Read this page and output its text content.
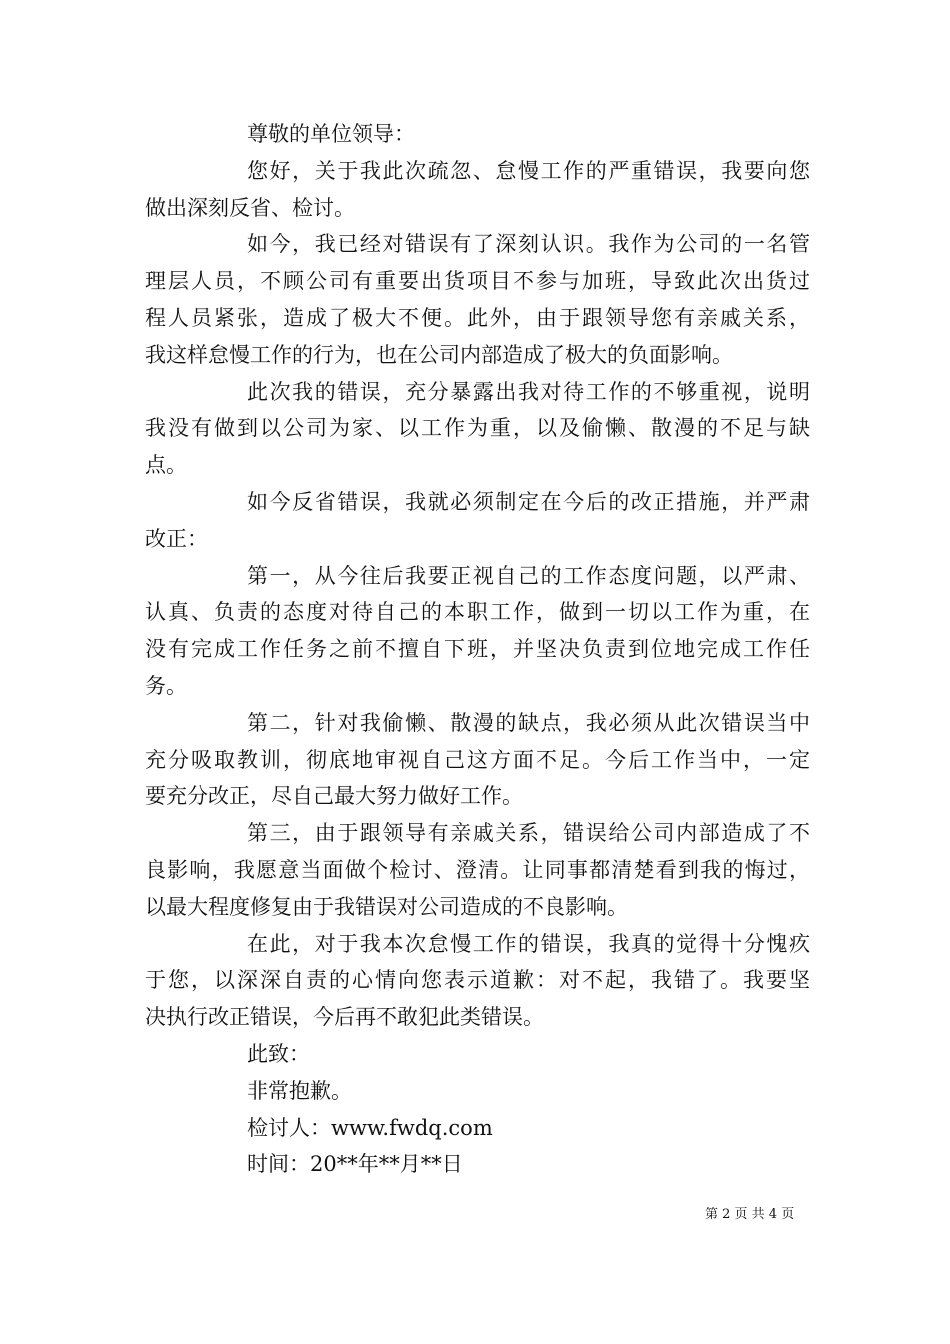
尊敬的单位领导：
您好，关于我此次疏忽、怠慢工作的严重错误，我要向您
做出深刻反省、检讨。
如今，我已经对错误有了深刻认识。我作为公司的一名管
理层人员，不顾公司有重要出货项目不参与加班，导致此次出货过
程人员紧张，造成了极大不便。此外，由于跟领导您有亲戚关系，
我这样怠慢工作的行为，也在公司内部造成了极大的负面影响。
此次我的错误，充分暴露出我对待工作的不够重视，说明
我没有做到以公司为家、以工作为重，以及偷懒、散漫的不足与缺
点。
如今反省错误，我就必须制定在今后的改正措施，并严肃
改正：
第一，从今往后我要正视自己的工作态度问题，以严肃、
认真、负责的态度对待自己的本职工作，做到一切以工作为重，在
没有完成工作任务之前不擅自下班，并坚决负责到位地完成工作任
务。
第二，针对我偷懒、散漫的缺点，我必须从此次错误当中
充分吸取教训，彻底地审视自己这方面不足。今后工作当中，一定
要充分改正，尽自己最大努力做好工作。
第三，由于跟领导有亲戚关系，错误给公司内部造成了不
良影响，我愿意当面做个检讨、澄清。让同事都清楚看到我的悔过，
以最大程度修复由于我错误对公司造成的不良影响。
在此，对于我本次怠慢工作的错误，我真的觉得十分愧疚
于您，以深深自责的心情向您表示道歉：对不起，我错了。我要坚
决执行改正错误，今后再不敢犯此类错误。
此致：
非常抱歉。
检讨人：www.fwdq.com
时间：20**年**月**日
第 2 页 共 4 页
